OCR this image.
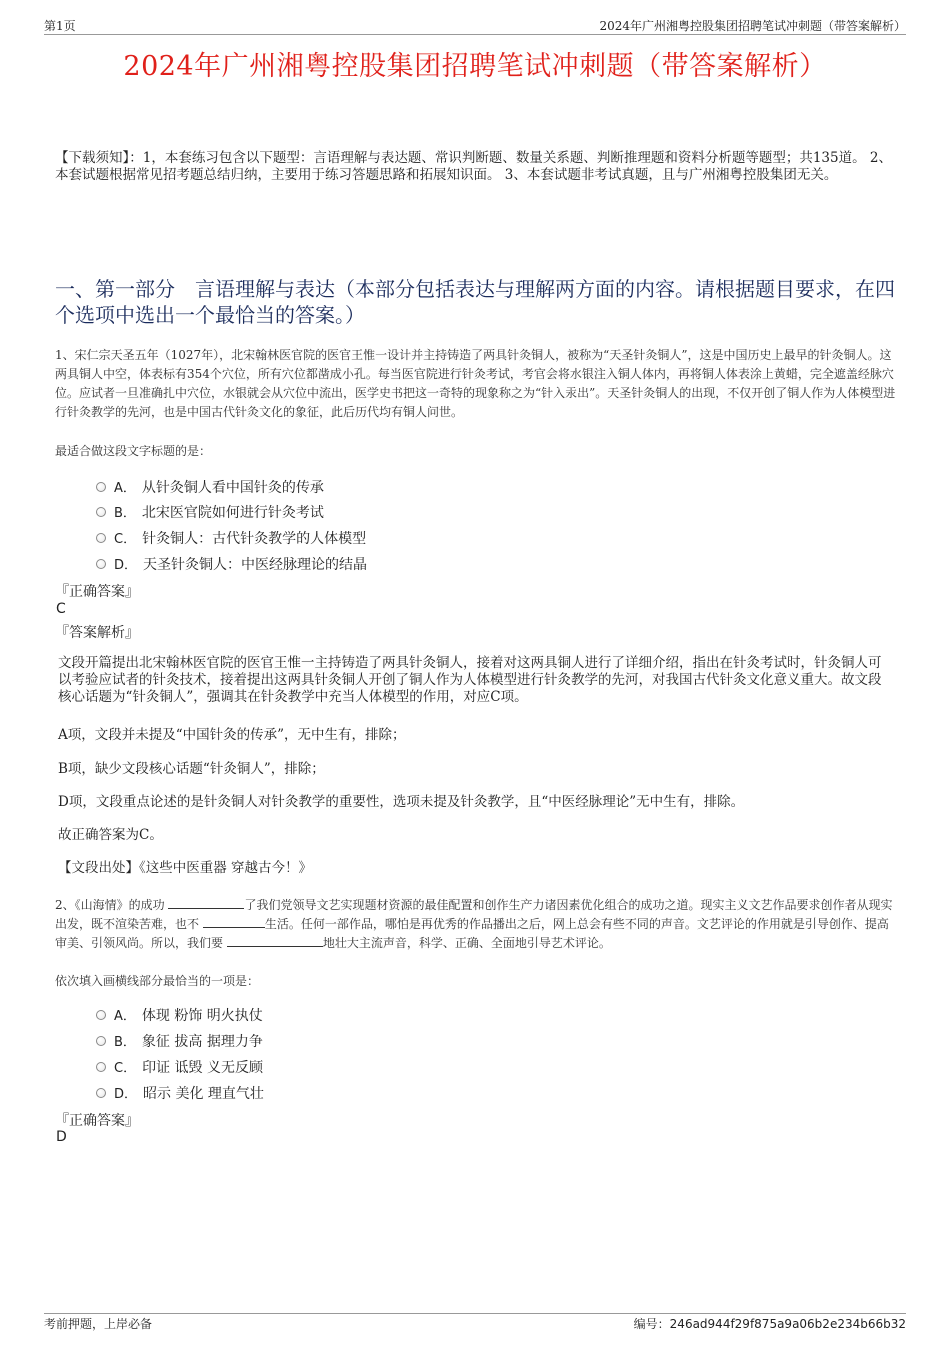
第1页	2024年广州湘粤控股集团招聘笔试冲刺题（带答案解析）
2024年广州湘粤控股集团招聘笔试冲刺题（带答案解析）
【下载须知】：1，本套练习包含以下题型：言语理解与表达题、常识判断题、数量关系题、判断推理题和资料分析题等题型；共135道。 2、本套试题根据常见招考题总结归纳，主要用于练习答题思路和拓展知识面。 3、本套试题非考试真题，且与广州湘粤控股集团无关。
一、第一部分　言语理解与表达（本部分包括表达与理解两方面的内容。请根据题目要求，在四个选项中选出一个最恰当的答案。）
1、宋仁宗天圣五年（1027年），北宋翰林医官院的医官王惟一设计并主持铸造了两具针灸铜人，被称为“天圣针灸铜人”，这是中国历史上最早的针灸铜人。这两具铜人中空，体表标有354个穴位，所有穴位都凿成小孔。每当医官院进行针灸考试，考官会将水银注入铜人体内，再将铜人体表涂上黄蜡，完全遮盖经脉穴位。应试者一旦准确扎中穴位，水银就会从穴位中流出，医学史书把这一奇特的现象称之为“针入汞出”。天圣针灸铜人的出现，不仅开创了铜人作为人体模型进行针灸教学的先河，也是中国古代针灸文化的象征，此后历代均有铜人问世。
最适合做这段文字标题的是：
A． 从针灸铜人看中国针灸的传承
B． 北宋医官院如何进行针灸考试
C． 针灸铜人：古代针灸教学的人体模型
D． 天圣针灸铜人：中医经脉理论的结晶
『正确答案』
C
『答案解析』
文段开篇提出北宋翰林医官院的医官王惟一主持铸造了两具针灸铜人，接着对这两具铜人进行了详细介绍，指出在针灸考试时，针灸铜人可以考验应试者的针灸技术，接着提出这两具针灸铜人开创了铜人作为人体模型进行针灸教学的先河，对我国古代针灸文化意义重大。故文段核心话题为“针灸铜人”，强调其在针灸教学中充当人体模型的作用，对应C项。
A项，文段并未提及“中国针灸的传承”，无中生有，排除；
B项，缺少文段核心话题“针灸铜人”，排除；
D项，文段重点论述的是针灸铜人对针灸教学的重要性，选项未提及针灸教学，且“中医经脉理论”无中生有，排除。
故正确答案为C。
【文段出处】《这些中医重器 穿越古今！》
2、《山海情》的成功	了我们党领导文艺实现题材资源的最佳配置和创作生产力诸因素优化组合的成功之道。现实主义文艺作品要求创作者从现实出发，既不渲染苦难，也不	生活。任何一部作品，哪怕是再优秀的作品播出之后，网上总会有些不同的声音。文艺评论的作用就是引导创作、提高审美、引领风尚。所以，我们要	地壮大主流声音，科学、正确、全面地引导艺术评论。
依次填入画横线部分最恰当的一项是：
A． 体现 粉饰 明火执仗
B． 象征 拔高 据理力争
C． 印证 诋毁 义无反顾
D． 昭示 美化 理直气壮
『正确答案』
D
考前押题，上岸必备	编号：246ad944f29f875a9a06b2e234b66b32
